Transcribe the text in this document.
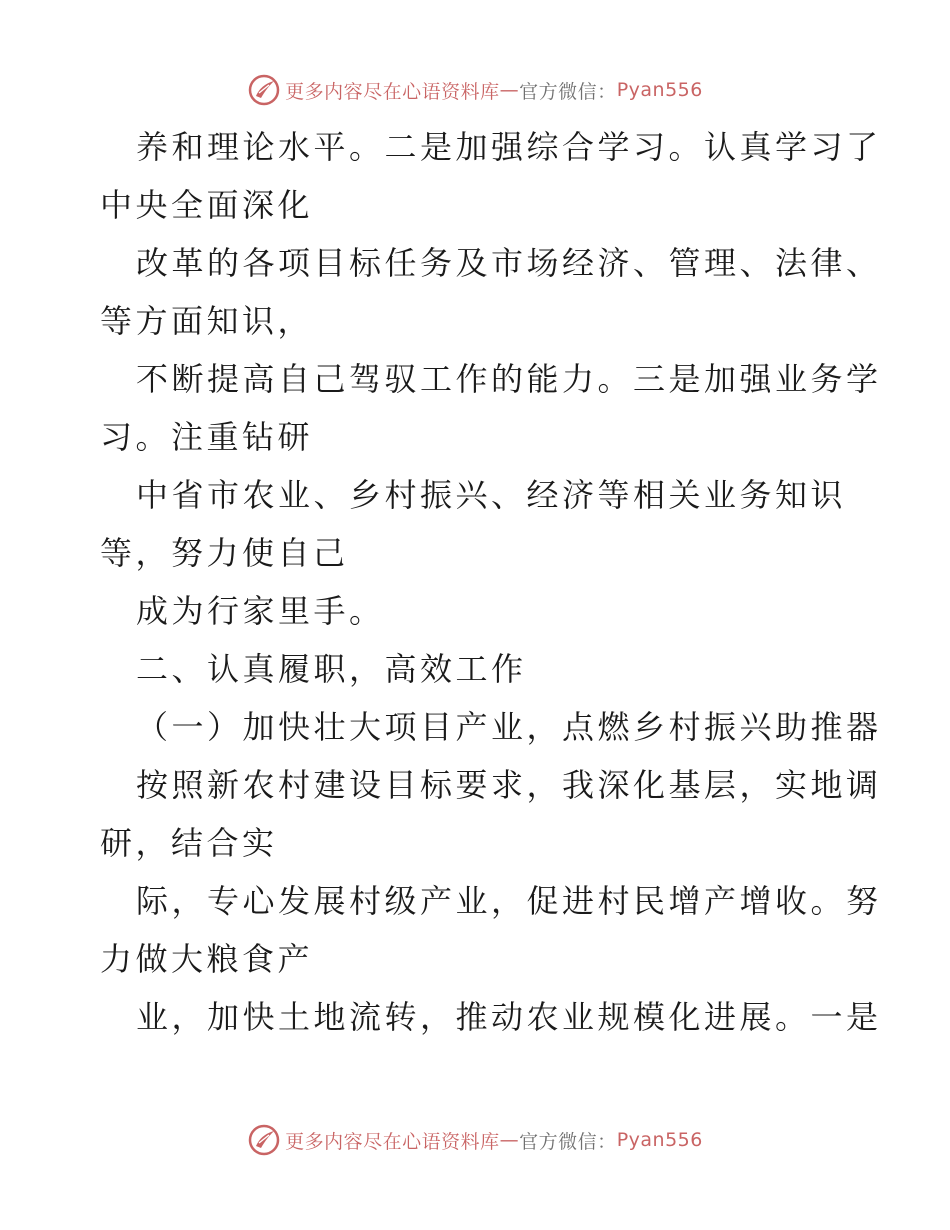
更多内容尽在心语资料库 — 官方微信： Pyan556
养和理论水平。二是加强综合学习。认真学习了
中央全面深化
改革的各项目标任务及市场经济、管理、法律、
等方面知识，
不断提高自己驾驭工作的能力。三是加强业务学
习。注重钻研
中省市农业、乡村振兴、经济等相关业务知识
等，努力使自己
成为行家里手。
二、认真履职，高效工作
（一）加快壮大项目产业，点燃乡村振兴助推器
按照新农村建设目标要求，我深化基层，实地调
研，结合实
际，专心发展村级产业，促进村民增产增收。努
力做大粮食产
业，加快土地流转，推动农业规模化进展。一是
更多内容尽在心语资料库 — 官方微信： Pyan556
